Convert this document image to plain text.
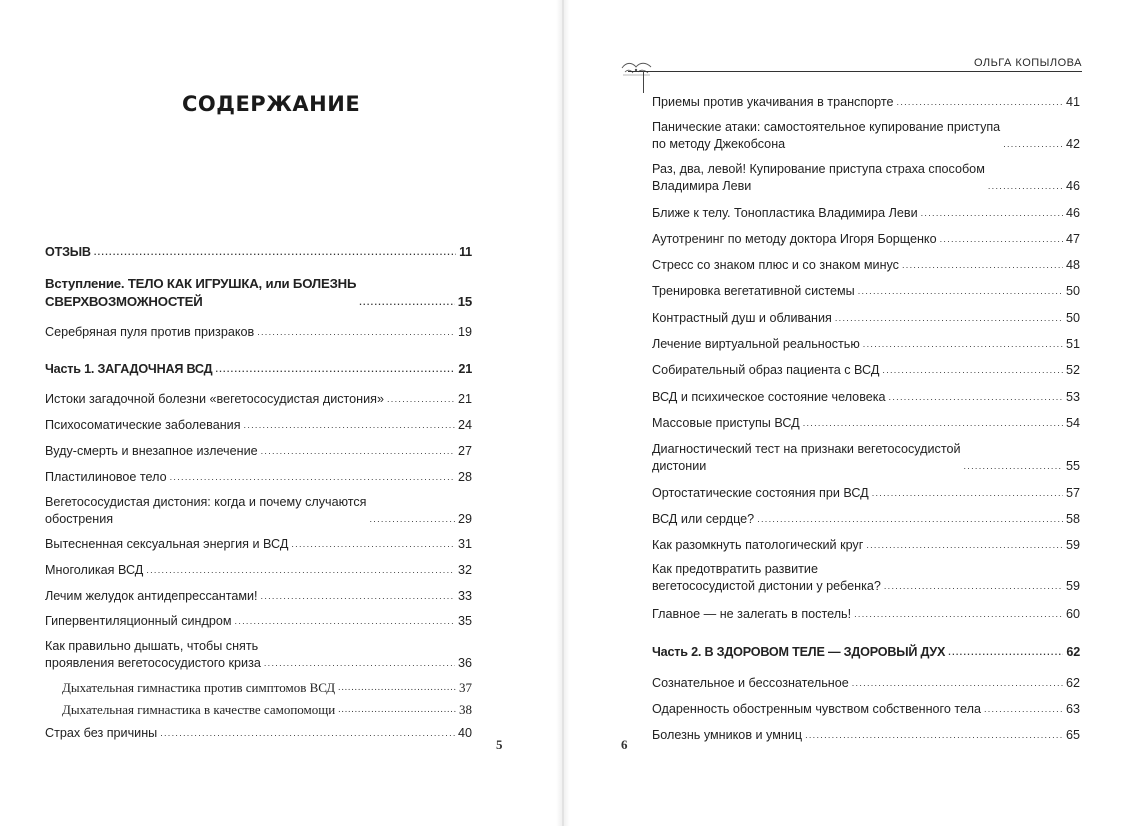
СОДЕРЖАНИЕ
ОТЗЫВ . . .	11
Вступление. ТЕЛО КАК ИГРУШКА, или БОЛЕЗНЬ
СВЕРХВОЗМОЖНОСТЕЙ . . .	15
Серебряная пуля против призраков . . .	19
Часть 1. ЗАГАДОЧНАЯ ВСД . . .	21
Истоки загадочной болезни «вегетососудистая дистония» . . .	21
Психосоматические заболевания . . .	24
Вуду-смерть и внезапное излечение . . .	27
Пластилиновое тело . . .	28
Вегетососудистая дистония: когда и почему случаются
обострения . . .	29
Вытесненная сексуальная энергия и ВСД . . .	31
Многоликая ВСД . . .	32
Лечим желудок антидепрессантами! . . .	33
Гипервентиляционный синдром . . .	35
Как правильно дышать, чтобы снять
проявления вегетососудистого криза . . .	36
Дыхательная гимнастика против симптомов ВСД . . .	37
Дыхательная гимнастика в качестве самопомощи . . .	38
Страх без причины . . .	40
5	6
ОЛЬГА КОПЫЛОВА
Приемы против укачивания в транспорте . . .	41
Панические атаки: самостоятельное купирование приступа
по методу Джекобсона . . .	42
Раз, два, левой! Купирование приступа страха способом
Владимира Леви . . .	46
Ближе к телу. Тонопластика Владимира Леви . . .	46
Аутотренинг по методу доктора Игоря Борщенко . . .	47
Стресс со знаком плюс и со знаком минус . . .	48
Тренировка вегетативной системы . . .	50
Контрастный душ и обливания . . .	50
Лечение виртуальной реальностью . . .	51
Собирательный образ пациента с ВСД . . .	52
ВСД и психическое состояние человека . . .	53
Массовые приступы ВСД . . .	54
Диагностический тест на признаки вегетососудистой
дистонии . . .	55
Ортостатические состояния при ВСД . . .	57
ВСД или сердце? . . .	58
Как разомкнуть патологический круг . . .	59
Как предотвратить развитие
вегетососудистой дистонии у ребенка? . . .	59
Главное — не залегать в постель! . . .	60
Часть 2. В ЗДОРОВОМ ТЕЛЕ — ЗДОРОВЫЙ ДУХ . . .	62
Сознательное и бессознательное . . .	62
Одаренность обостренным чувством собственного тела . . .	63
Болезнь умников и умниц . . .	65
